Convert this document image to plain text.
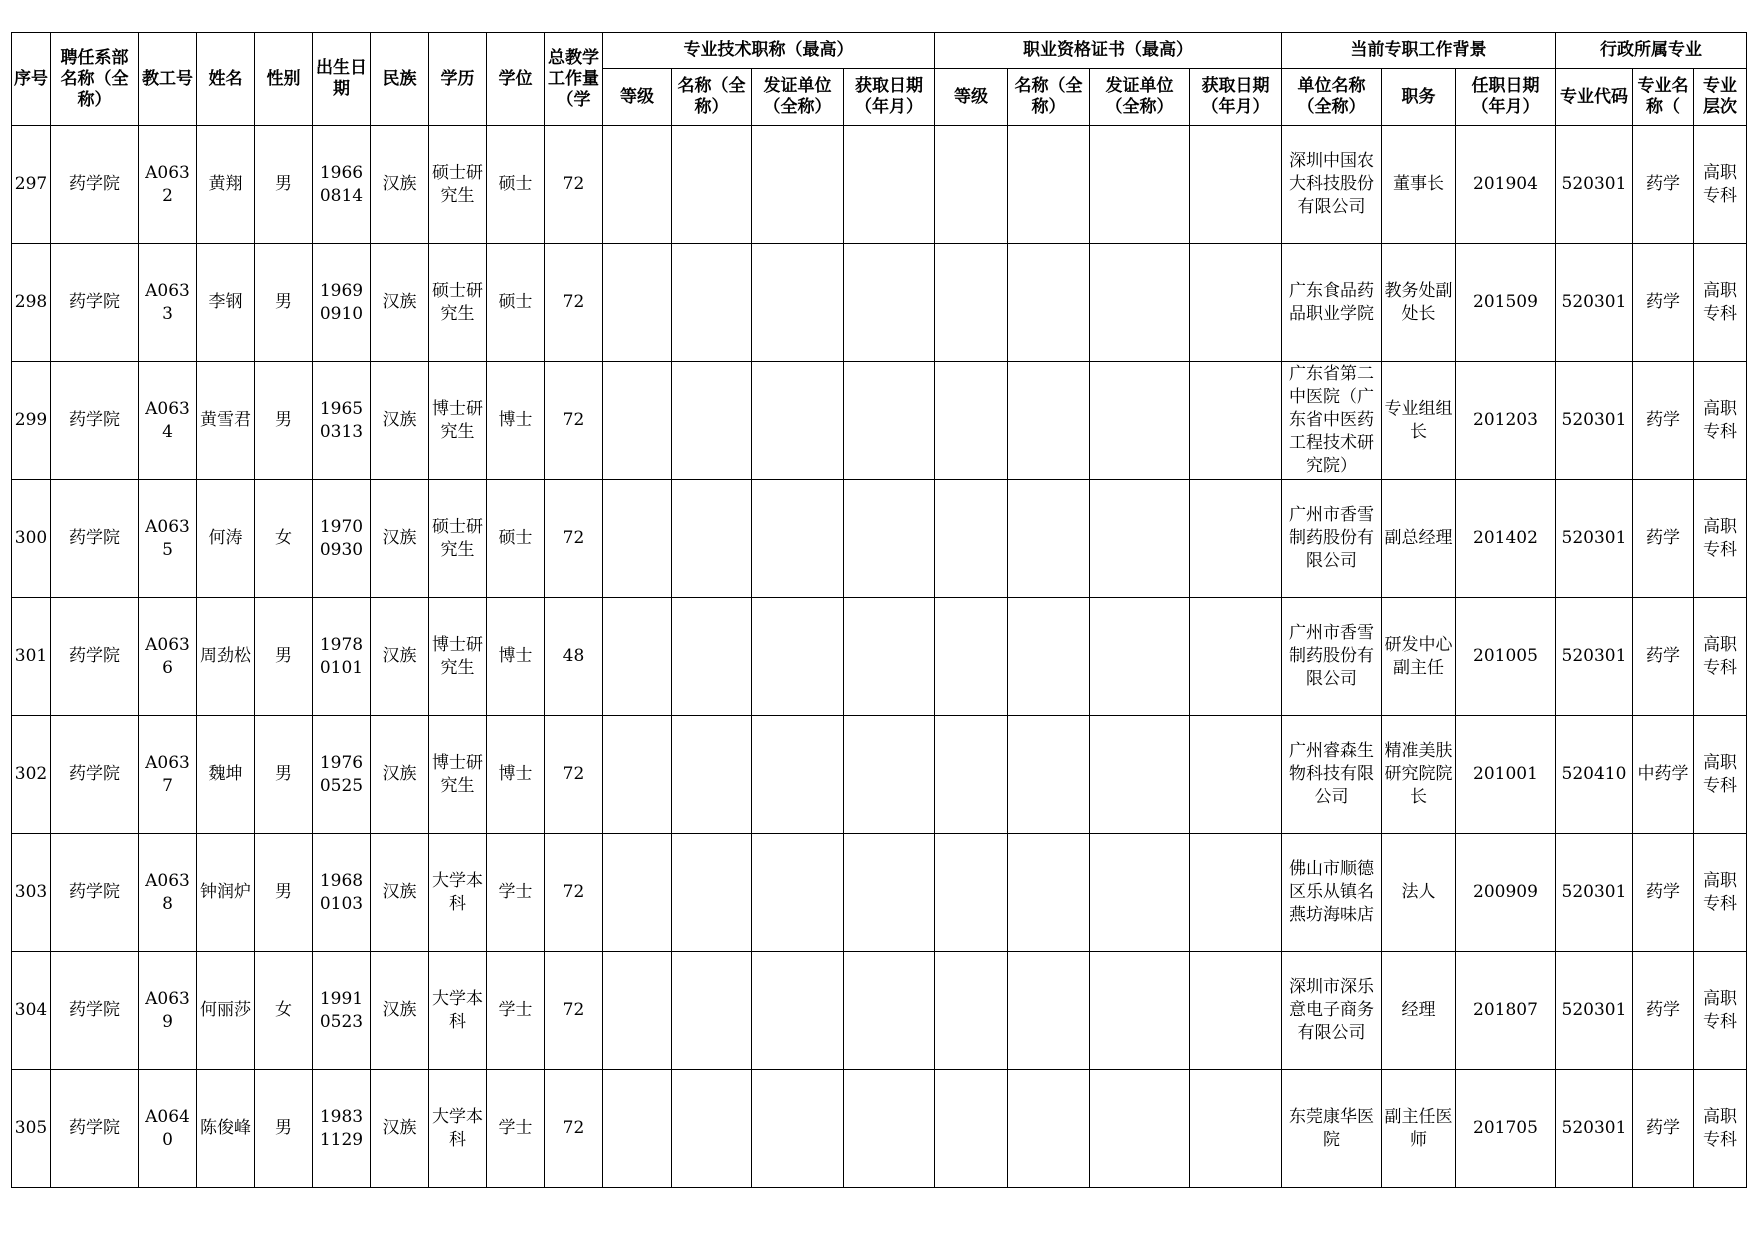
序号	聘任系部名称（全称）	教工号	姓名	性别	出生日期	民族	学历	学位	总教学工作量（学	专业技术职称（最高）				职业资格证书（最高）				当前专职工作背景			行政所属专业		
										等级	名称（全称）	发证单位（全称）	获取日期（年月）	等级	名称（全称）	发证单位（全称）	获取日期（年月）	单位名称（全称）	职务	任职日期（年月）	专业代码	专业名称（	专业层次
297	药学院	A0632	黄翔	男	19660814	汉族	硕士研究生	硕士	72									深圳中国农大科技股份有限公司	董事长	201904	520301	药学	高职专科
298	药学院	A0633	李钢	男	19690910	汉族	硕士研究生	硕士	72									广东食品药品职业学院	教务处副处长	201509	520301	药学	高职专科
299	药学院	A0634	黄雪君	男	19650313	汉族	博士研究生	博士	72									广东省第二中医院（广东省中医药工程技术研究院）	专业组组长	201203	520301	药学	高职专科
300	药学院	A0635	何涛	女	19700930	汉族	硕士研究生	硕士	72									广州市香雪制药股份有限公司	副总经理	201402	520301	药学	高职专科
301	药学院	A0636	周劲松	男	19780101	汉族	博士研究生	博士	48									广州市香雪制药股份有限公司	研发中心副主任	201005	520301	药学	高职专科
302	药学院	A0637	魏坤	男	19760525	汉族	博士研究生	博士	72									广州睿森生物科技有限公司	精准美肤研究院院长	201001	520410	中药学	高职专科
303	药学院	A0638	钟润炉	男	19680103	汉族	大学本科	学士	72									佛山市顺德区乐从镇名燕坊海味店	法人	200909	520301	药学	高职专科
304	药学院	A0639	何丽莎	女	19910523	汉族	大学本科	学士	72									深圳市深乐意电子商务有限公司	经理	201807	520301	药学	高职专科
305	药学院	A0640	陈俊峰	男	19831129	汉族	大学本科	学士	72									东莞康华医院	副主任医师	201705	520301	药学	高职专科
